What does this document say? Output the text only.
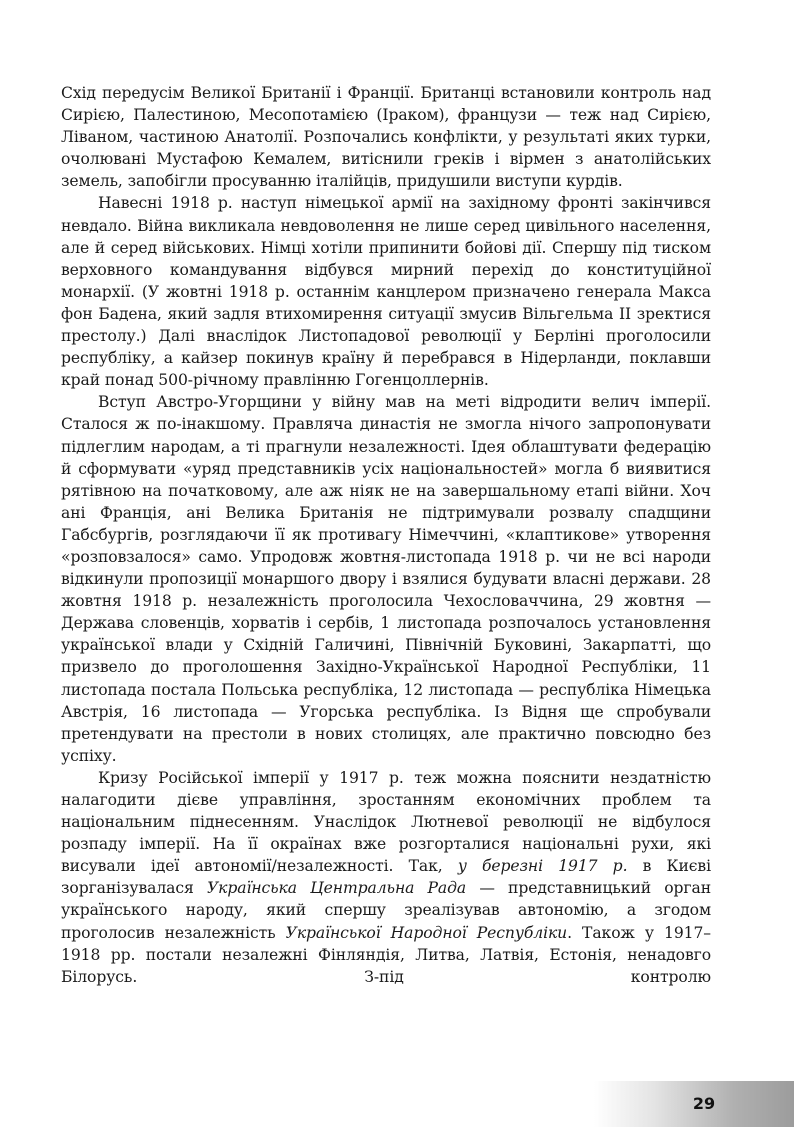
Схід передусім Великої Британії і Франції. Британці встановили контроль над Сирією, Палестиною, Месопотамією (Іраком), французи — теж над Сирією, Ліваном, частиною Анатолії. Розпочались конфлікти, у результаті яких турки, очолювані Мустафою Кемалем, витіснили греків і вірмен з анатолійських земель, запобігли просуванню італійців, придушили виступи курдів.

Навесні 1918 р. наступ німецької армії на західному фронті закінчився невдало. Війна викликала невдоволення не лише серед цивільного населення, але й серед військових. Німці хотіли припинити бойові дії. Спершу під тиском верховного командування відбувся мирний перехід до конституційної монархії. (У жовтні 1918 р. останнім канцлером призначено генерала Макса фон Бадена, який задля втихомирення ситуації змусив Вільгельма II зректися престолу.) Далі внаслідок Листопадової революції у Берліні проголосили республіку, а кайзер покинув країну й перебрався в Нідерланди, поклавши край понад 500-річному правлінню Гогенцоллернів.

Вступ Австро-Угорщини у війну мав на меті відродити велич імперії. Сталося ж по-інакшому. Правляча династія не змогла нічого запропонувати підлеглим народам, а ті прагнули незалежності. Ідея облаштувати федерацію й сформувати «уряд представників усіх національностей» могла б виявитися рятівною на початковому, але аж ніяк не на завершальному етапі війни. Хоч ані Франція, ані Велика Британія не підтримували розвалу спадщини Габсбургів, розглядаючи її як противагу Німеччині, «клаптикове» утворення «розповзалося» само. Упродовж жовтня-листопада 1918 р. чи не всі народи відкинули пропозиції монаршого двору і взялися будувати власні держави. 28 жовтня 1918 р. незалежність проголосила Чехословаччина, 29 жовтня — Держава словенців, хорватів і сербів, 1 листопада розпочалось установлення української влади у Східній Галичині, Північній Буковині, Закарпатті, що призвело до проголошення Західно-Української Народної Республіки, 11 листопада постала Польська республіка, 12 листопада — республіка Німецька Австрія, 16 листопада — Угорська республіка. Із Відня ще спробували претендувати на престоли в нових столицях, але практично повсюдно без успіху.

Кризу Російської імперії у 1917 р. теж можна пояснити нездатністю налагодити дієве управління, зростанням економічних проблем та національним піднесенням. Унаслідок Лютневої революції не відбулося розпаду імперії. На її окраїнах вже розгорталися національні рухи, які висували ідеї автономії/незалежності. Так, у березні 1917 р. в Києві зорганізувалася Українська Центральна Рада — представницький орган українського народу, який спершу зреалізував автономію, а згодом проголосив незалежність Української Народної Республіки. Також у 1917–1918 рр. постали незалежні Фінляндія, Литва, Латвія, Естонія, ненадовго Білорусь. З-під контролю

29
